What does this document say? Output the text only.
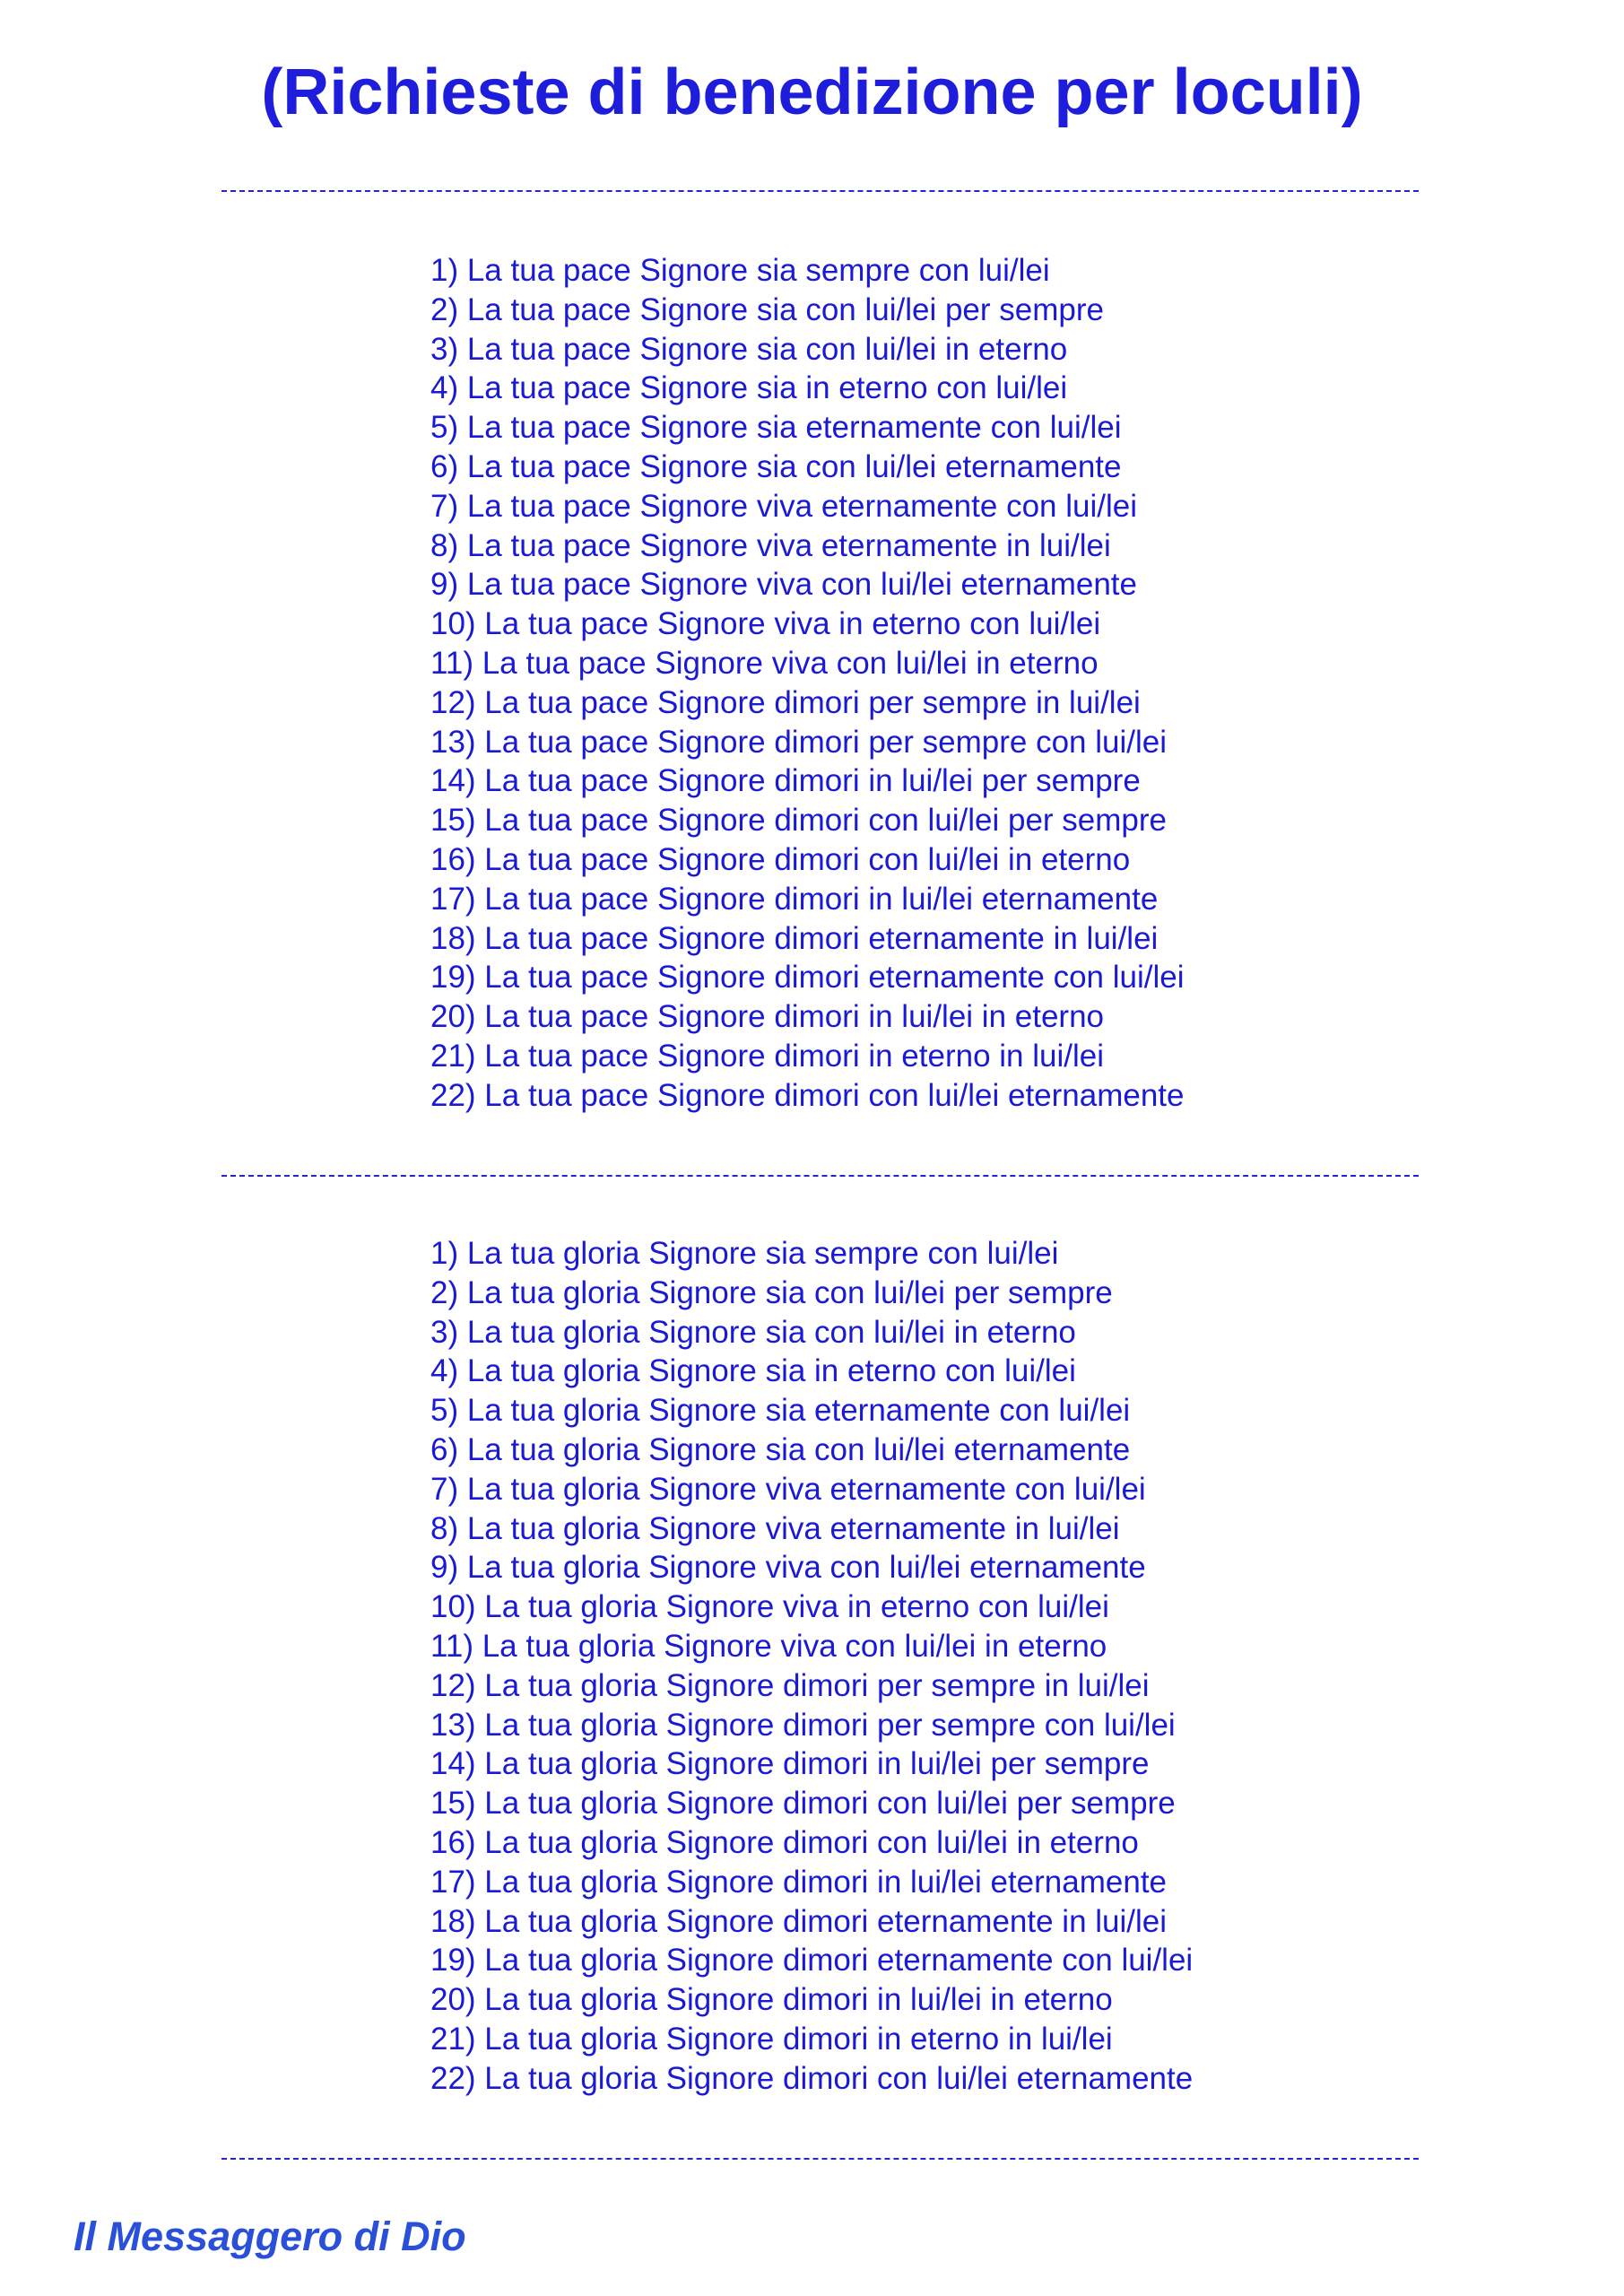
(Richieste di benedizione per loculi)
1) La tua pace Signore sia sempre con lui/lei
2) La tua pace Signore sia con lui/lei per sempre
3) La tua pace Signore sia con lui/lei in eterno
4) La tua pace Signore sia in eterno con lui/lei
5) La tua pace Signore sia eternamente con lui/lei
6) La tua pace Signore sia con lui/lei eternamente
7) La tua pace Signore viva eternamente con lui/lei
8) La tua pace Signore viva eternamente in lui/lei
9) La tua pace Signore viva con lui/lei eternamente
10) La tua pace Signore viva in eterno con lui/lei
11) La tua pace Signore viva con lui/lei in eterno
12) La tua pace Signore dimori per sempre in lui/lei
13) La tua pace Signore dimori per sempre con lui/lei
14) La tua pace Signore dimori in lui/lei per sempre
15) La tua pace Signore dimori con lui/lei per sempre
16) La tua pace Signore dimori con lui/lei in eterno
17) La tua pace Signore dimori in lui/lei eternamente
18) La tua pace Signore dimori eternamente in lui/lei
19) La tua pace Signore dimori eternamente con lui/lei
20) La tua pace Signore dimori in lui/lei in eterno
21) La tua pace Signore dimori in eterno in lui/lei
22) La tua pace Signore dimori con lui/lei eternamente
1) La tua gloria Signore sia sempre con lui/lei
2) La tua gloria Signore sia con lui/lei per sempre
3) La tua gloria Signore sia con lui/lei in eterno
4) La tua gloria Signore sia in eterno con lui/lei
5) La tua gloria Signore sia eternamente con lui/lei
6) La tua gloria Signore sia con lui/lei eternamente
7) La tua gloria Signore viva eternamente con lui/lei
8) La tua gloria Signore viva eternamente in lui/lei
9) La tua gloria Signore viva con lui/lei eternamente
10) La tua gloria Signore viva in eterno con lui/lei
11) La tua gloria Signore viva con lui/lei in eterno
12) La tua gloria Signore dimori per sempre in lui/lei
13) La tua gloria Signore dimori per sempre con lui/lei
14) La tua gloria Signore dimori in lui/lei per sempre
15) La tua gloria Signore dimori con lui/lei per sempre
16) La tua gloria Signore dimori con lui/lei in eterno
17) La tua gloria Signore dimori in lui/lei eternamente
18) La tua gloria Signore dimori eternamente in lui/lei
19) La tua gloria Signore dimori eternamente con lui/lei
20) La tua gloria Signore dimori in lui/lei in eterno
21) La tua gloria Signore dimori in eterno in lui/lei
22) La tua gloria Signore dimori con lui/lei eternamente
Il Messaggero di Dio
